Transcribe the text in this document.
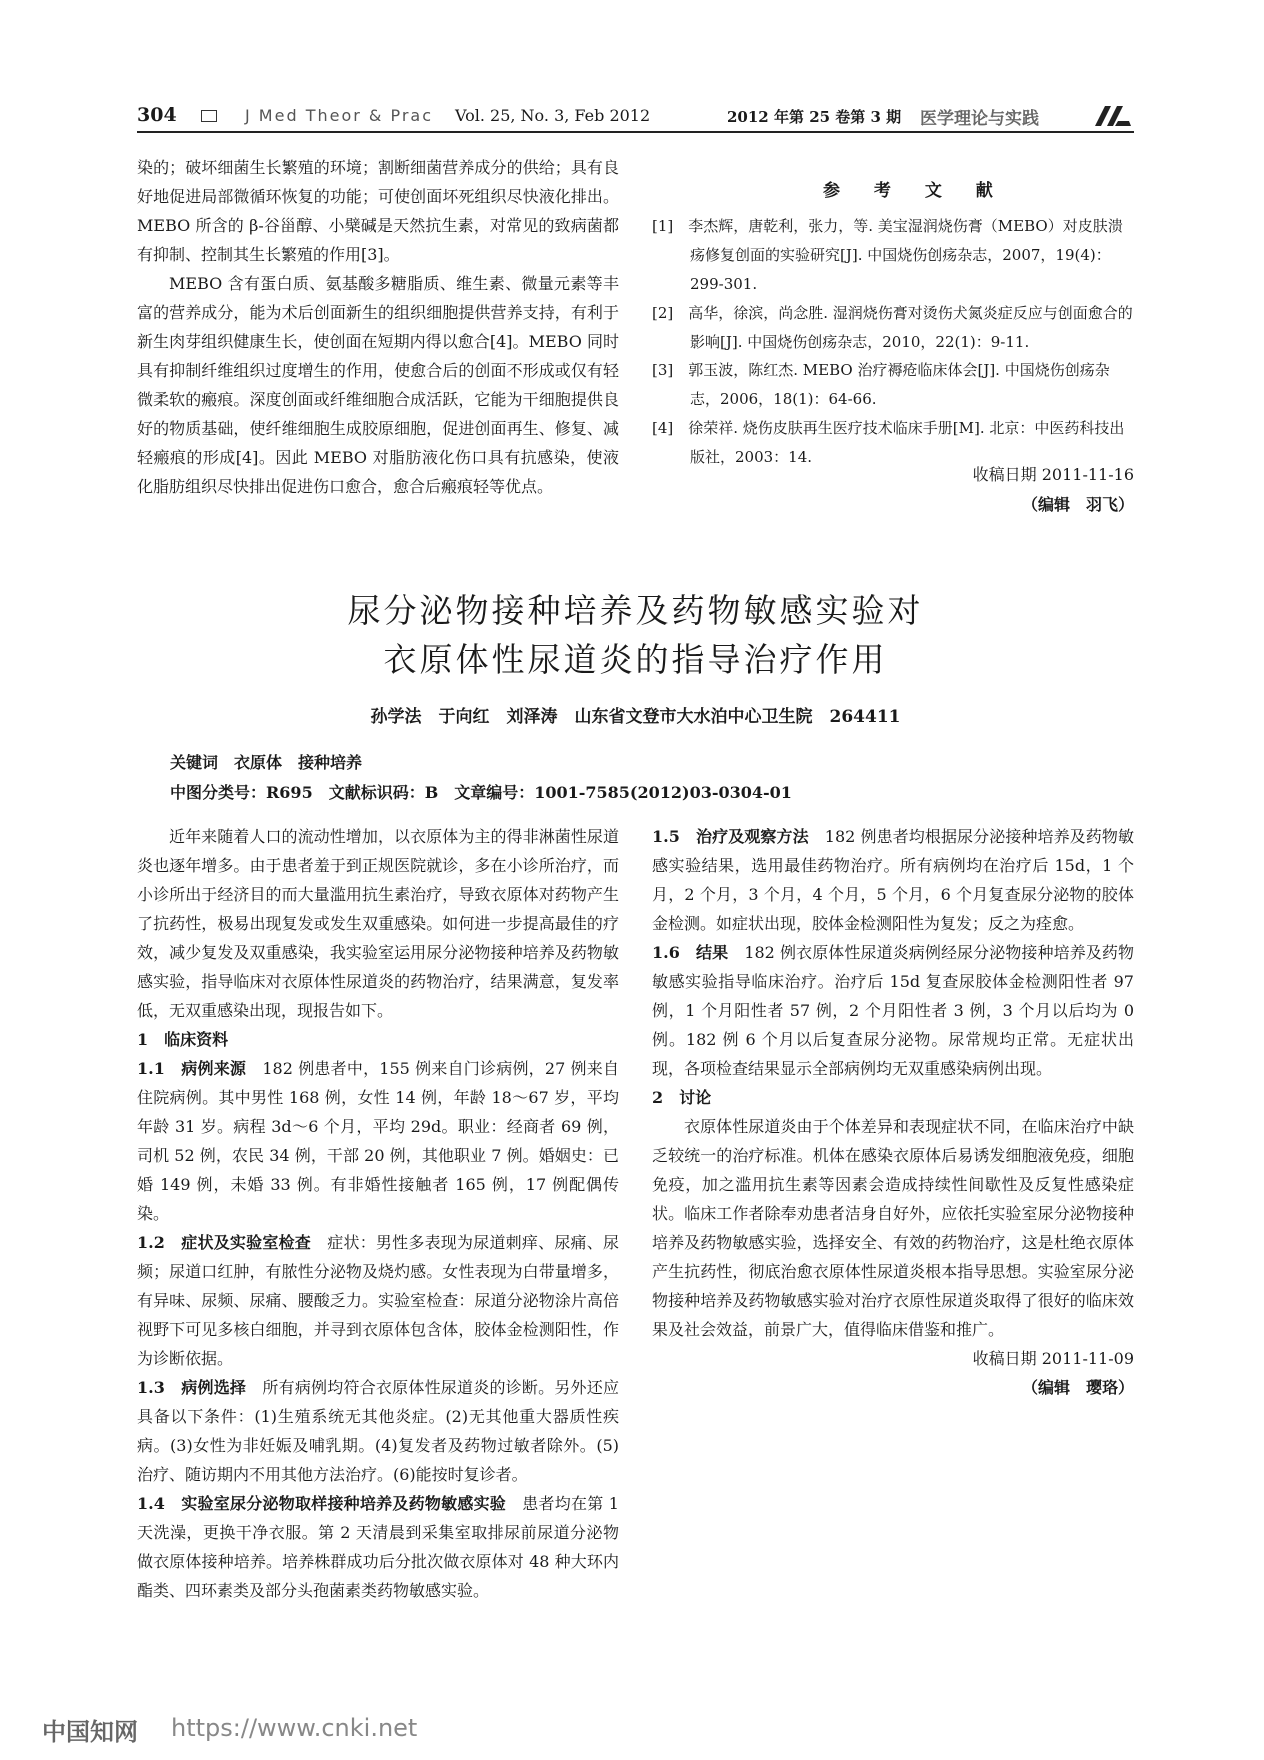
304	J Med Theor & Prac Vol. 25, No. 3, Feb 2012	2012 年第 25 卷第 3 期 医学理论与实践

染的；破坏细菌生长繁殖的环境；割断细菌营养成分的供给；具有良好地促进局部微循环恢复的功能；可使创面坏死组织尽快液化排出。MEBO 所含的 β-谷甾醇、小檗碱是天然抗生素，对常见的致病菌都有抑制、控制其生长繁殖的作用[3]。

MEBO 含有蛋白质、氨基酸多糖脂质、维生素、微量元素等丰富的营养成分，能为术后创面新生的组织细胞提供营养支持，有利于新生肉芽组织健康生长，使创面在短期内得以愈合[4]。MEBO 同时具有抑制纤维组织过度增生的作用，使愈合后的创面不形成或仅有轻微柔软的瘢痕。深度创面或纤维细胞合成活跃，它能为干细胞提供良好的物质基础，使纤维细胞生成胶原细胞，促进创面再生、修复、减轻瘢痕的形成[4]。因此 MEBO 对脂肪液化伤口具有抗感染，使液化脂肪组织尽快排出促进伤口愈合，愈合后瘢痕轻等优点。

参 考 文 献
[1]　李杰辉，唐乾利，张力，等. 美宝湿润烧伤膏（MEBO）对皮肤溃疡修复创面的实验研究[J]. 中国烧伤创疡杂志，2007，19(4)：299-301.
[2]　高华，徐滨，尚念胜. 湿润烧伤膏对烫伤犬氮炎症反应与创面愈合的影响[J]. 中国烧伤创疡杂志，2010，22(1)：9-11.
[3]　郭玉波，陈红杰. MEBO 治疗褥疮临床体会[J]. 中国烧伤创疡杂志，2006，18(1)：64-66.
[4]　徐荣祥. 烧伤皮肤再生医疗技术临床手册[M]. 北京：中医药科技出版社，2003：14.
收稿日期 2011-11-16
（编辑　羽飞）
尿分泌物接种培养及药物敏感实验对
衣原体性尿道炎的指导治疗作用
孙学法　于向红　刘泽涛　山东省文登市大水泊中心卫生院　264411
关键词　衣原体　接种培养
中图分类号：R695　文献标识码：B　文章编号：1001-7585(2012)03-0304-01

近年来随着人口的流动性增加，以衣原体为主的得非淋菌性尿道炎也逐年增多。由于患者羞于到正规医院就诊，多在小诊所治疗，而小诊所出于经济目的而大量滥用抗生素治疗，导致衣原体对药物产生了抗药性，极易出现复发或发生双重感染。如何进一步提高最佳的疗效，减少复发及双重感染，我实验室运用尿分泌物接种培养及药物敏感实验，指导临床对衣原体性尿道炎的药物治疗，结果满意，复发率低，无双重感染出现，现报告如下。

1　临床资料

1.1　病例来源　 182 例患者中，155 例来自门诊病例，27 例来自住院病例。其中男性 168 例，女性 14 例，年龄 18～67 岁，平均年龄 31 岁。病程 3d～6 个月，平均 29d。职业：经商者 69 例，司机 52 例，农民 34 例，干部 20 例，其他职业 7 例。婚姻史：已婚 149 例，未婚 33 例。有非婚性接触者 165 例，17 例配偶传染。

1.2　症状及实验室检查　 症状：男性多表现为尿道刺痒、尿痛、尿频；尿道口红肿，有脓性分泌物及烧灼感。女性表现为白带量增多，有异味、尿频、尿痛、腰酸乏力。实验室检查：尿道分泌物涂片高倍视野下可见多核白细胞，并寻到衣原体包含体，胶体金检测阳性，作为诊断依据。

1.3　病例选择　 所有病例均符合衣原体性尿道炎的诊断。另外还应具备以下条件：(1)生殖系统无其他炎症。(2)无其他重大器质性疾病。(3)女性为非妊娠及哺乳期。(4)复发者及药物过敏者除外。(5)治疗、随访期内不用其他方法治疗。(6)能按时复诊者。

1.4　实验室尿分泌物取样接种培养及药物敏感实验　 患者均在第 1 天洗澡，更换干净衣服。第 2 天清晨到采集室取排尿前尿道分泌物做衣原体接种培养。培养株群成功后分批次做衣原体对 48 种大环内酯类、四环素类及部分头孢菌素类药物敏感实验。

1.5　治疗及观察方法　 182 例患者均根据尿分泌接种培养及药物敏感实验结果，选用最佳药物治疗。所有病例均在治疗后 15d，1 个月，2 个月，3 个月，4 个月，5 个月，6 个月复查尿分泌物的胶体金检测。如症状出现，胶体金检测阳性为复发；反之为痊愈。

1.6　结果　 182 例衣原体性尿道炎病例经尿分泌物接种培养及药物敏感实验指导临床治疗。治疗后 15d 复查尿胶体金检测阳性者 97 例，1 个月阳性者 57 例，2 个月阳性者 3 例，3 个月以后均为 0 例。182 例 6 个月以后复查尿分泌物。尿常规均正常。无症状出现，各项检查结果显示全部病例均无双重感染病例出现。

2　讨论

衣原体性尿道炎由于个体差异和表现症状不同，在临床治疗中缺乏较统一的治疗标准。机体在感染衣原体后易诱发细胞液免疫，细胞免疫，加之滥用抗生素等因素会造成持续性间歇性及反复性感染症状。临床工作者除奉劝患者洁身自好外，应依托实验室尿分泌物接种培养及药物敏感实验，选择安全、有效的药物治疗，这是杜绝衣原体产生抗药性，彻底治愈衣原体性尿道炎根本指导思想。实验室尿分泌物接种培养及药物敏感实验对治疗衣原性尿道炎取得了很好的临床效果及社会效益，前景广大，值得临床借鉴和推广。

收稿日期 2011-11-09

（编辑　璎珞）

中国知网 https://www.cnki.net
